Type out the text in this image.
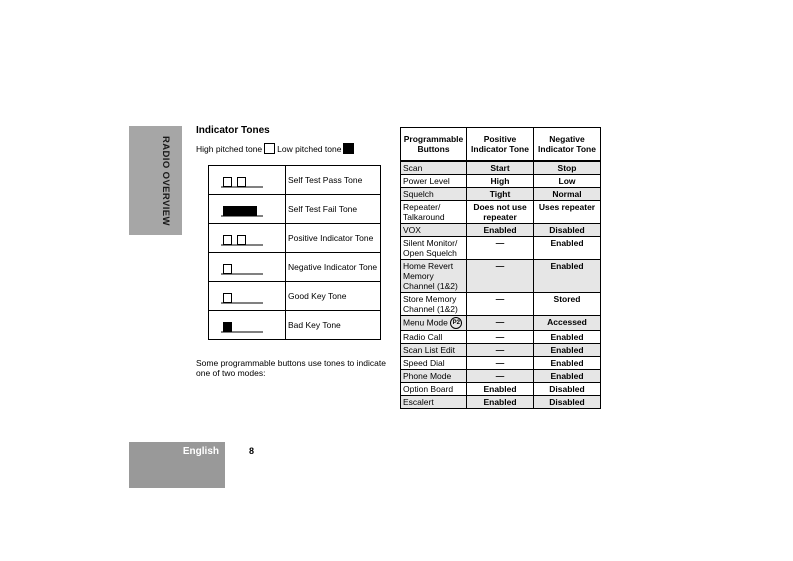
RADIO OVERVIEW
English	8
Indicator Tones
High pitched tone Low pitched tone
	Self Test Pass Tone

	Self Test Fail Tone

	Positive Indicator Tone

	Negative Indicator Tone

	Good Key Tone

	Bad Key Tone
Some programmable buttons use tones to indicate one of two modes:
Programmable Buttons	Positive Indicator Tone	Negative Indicator Tone
Scan	Start	Stop
Power Level	High	Low
Squelch	Tight	Normal
Repeater/ Talkaround	Does not use repeater	Uses repeater
VOX	Enabled	Disabled
Silent Monitor/ Open Squelch	—	Enabled
Home Revert Memory Channel (1&2)	—	Enabled
Store Memory Channel (1&2)	—	Stored
Menu Mode P2	—	Accessed
Radio Call	—	Enabled
Scan List Edit	—	Enabled
Speed Dial	—	Enabled
Phone Mode	—	Enabled
Option Board	Enabled	Disabled
Escalert	Enabled	Disabled
